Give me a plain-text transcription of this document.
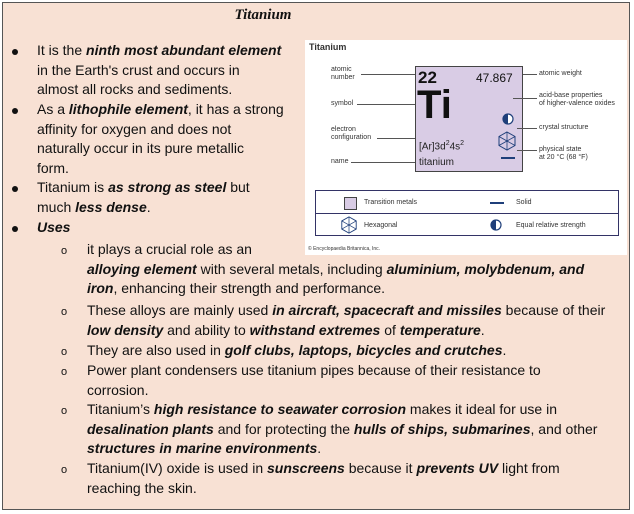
Titanium
It is the ninth most abundant element
in the Earth's crust and occurs in
almost all rocks and sediments.
As a lithophile element, it has a strong
affinity for oxygen and does not
naturally occur in its pure metallic
form.
Titanium is as strong as steel but
much less dense.
Uses
o it plays a crucial role as an
alloying element with several metals, including aluminium, molybdenum, and
iron, enhancing their strength and performance.
o These alloys are mainly used in aircraft, spacecraft and missiles because of their
low density and ability to withstand extremes of temperature.
o They are also used in golf clubs, laptops, bicycles and crutches.
o Power plant condensers use titanium pipes because of their resistance to
corrosion.
o Titanium’s high resistance to seawater corrosion makes it ideal for use in
desalination plants and for protecting the hulls of ships, submarines, and other
structures in marine environments.
o Titanium(IV) oxide is used in sunscreens because it prevents UV light from
reaching the skin.
Titanium
atomic
number
symbol
electron
configuration
name
22	47.867
Ti
$[Ar]3d^24s^2$
titanium
atomic weight
acid-base properties
of higher-valence oxides
crystal structure
physical state
at 20 °C (68 °F)
Transition metals	Solid
Hexagonal	Equal relative strength
© Encyclopaedia Britannica, Inc.
